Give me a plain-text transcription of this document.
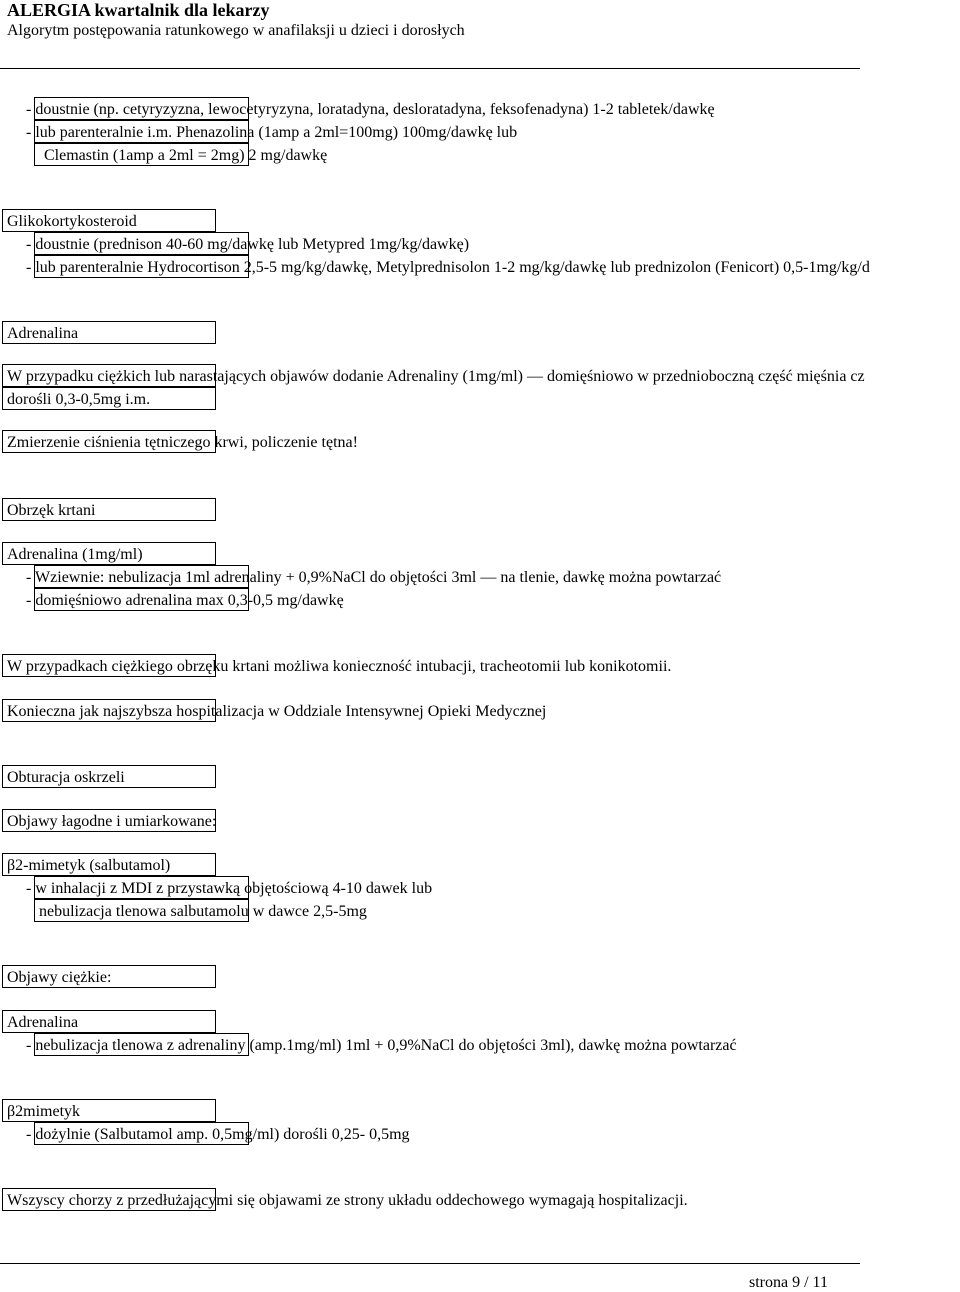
ALERGIA kwartalnik dla lekarzy
Algorytm postępowania ratunkowego w anafilaksji u dzieci i dorosłych
- doustnie (np. cetyryzyzna, lewocetyryzyna, loratadyna, desloratadyna, feksofenadyna) 1-2 tabletek/dawkę
- lub parenteralnie i.m. Phenazolina (1amp a 2ml=100mg) 100mg/dawkę lub
Clemastin (1amp a 2ml = 2mg) 2 mg/dawkę
Glikokortykosteroid
- doustnie (prednison 40-60 mg/dawkę lub Metypred 1mg/kg/dawkę)
- lub parenteralnie Hydrocortison 2,5-5 mg/kg/dawkę, Metylprednisolon 1-2 mg/kg/dawkę lub prednizolon (Fenicort) 0,5-1mg/kg/d
Adrenalina
W przypadku ciężkich lub narastających objawów dodanie Adrenaliny (1mg/ml) — domięśniowo w przednioboczną część mięśnia cz
dorośli 0,3-0,5mg i.m.
Zmierzenie ciśnienia tętniczego krwi, policzenie tętna!
Obrzęk krtani
Adrenalina (1mg/ml)
- Wziewnie: nebulizacja 1ml adrenaliny + 0,9%NaCl do objętości 3ml — na tlenie, dawkę można powtarzać
- domięśniowo adrenalina max 0,3-0,5 mg/dawkę
W przypadkach ciężkiego obrzęku krtani możliwa konieczność intubacji, tracheotomii lub konikotomii.
Konieczna jak najszybsza hospitalizacja w Oddziale Intensywnej Opieki Medycznej
Obturacja oskrzeli
Objawy łagodne i umiarkowane:
β2-mimetyk (salbutamol)
- w inhalacji z MDI z przystawką objętościową 4-10 dawek lub
nebulizacja tlenowa salbutamolu w dawce 2,5-5mg
Objawy ciężkie:
Adrenalina
- nebulizacja tlenowa z adrenaliny (amp.1mg/ml) 1ml + 0,9%NaCl do objętości 3ml), dawkę można powtarzać
β2mimetyk
- dożylnie (Salbutamol amp. 0,5mg/ml) dorośli 0,25- 0,5mg
Wszyscy chorzy z przedłużającymi się objawami ze strony układu oddechowego wymagają hospitalizacji.
strona 9 / 11
